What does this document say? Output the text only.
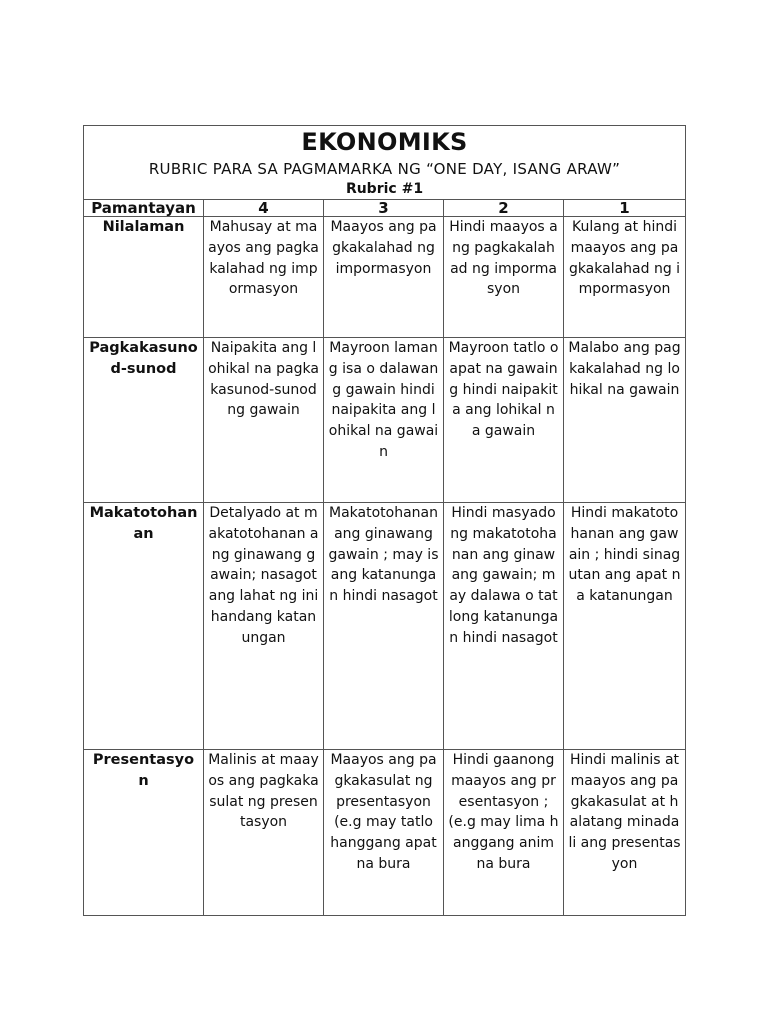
EKONOMIKS
RUBRIC PARA SA PAGMAMARKA NG “ONE DAY, ISANG ARAW”
Rubric #1				

Pamantayan	4	3	2	1
Nilalaman	Mahusay at maayos ang pagkakalahad ng impormasyon	Maayos ang pagkakalahad ng impormasyon	Hindi maayos ang pagkakalahad ng impormasyon	Kulang at hindi maayos ang pagkakalahad ng impormasyon
Pagkakasunod-sunod	Naipakita ang lohikal na pagkakasunod-sunod ng gawain	Mayroon lamang isa o dalawang gawain hindi naipakita ang lohikal na gawain	Mayroon tatlo o apat na gawaing hindi naipakita ang lohikal na gawain	Malabo ang pagkakalahad ng lohikal na gawain
Makatotohanan	Detalyado at makatotohanan ang ginawang gawain; nasagot ang lahat ng inihandang katanungan	Makatotohanan ang ginawang gawain ; may isang katanungan hindi nasagot	Hindi masyadong makatotohanan ang ginawang gawain; may dalawa o tatlong katanungan hindi nasagot	Hindi makatotohanan ang gawain ; hindi sinagutan ang apat na katanungan
Presentasyon	Malinis at maayos ang pagkakasulat ng presentasyon	Maayos ang pagkakasulat ng presentasyon (e.g may tatlo hanggang apat na bura	Hindi gaanong maayos ang presentasyon ; (e.g may lima hanggang anim na bura	Hindi malinis at maayos ang pagkakasulat at halatang minadali ang presentasyon
